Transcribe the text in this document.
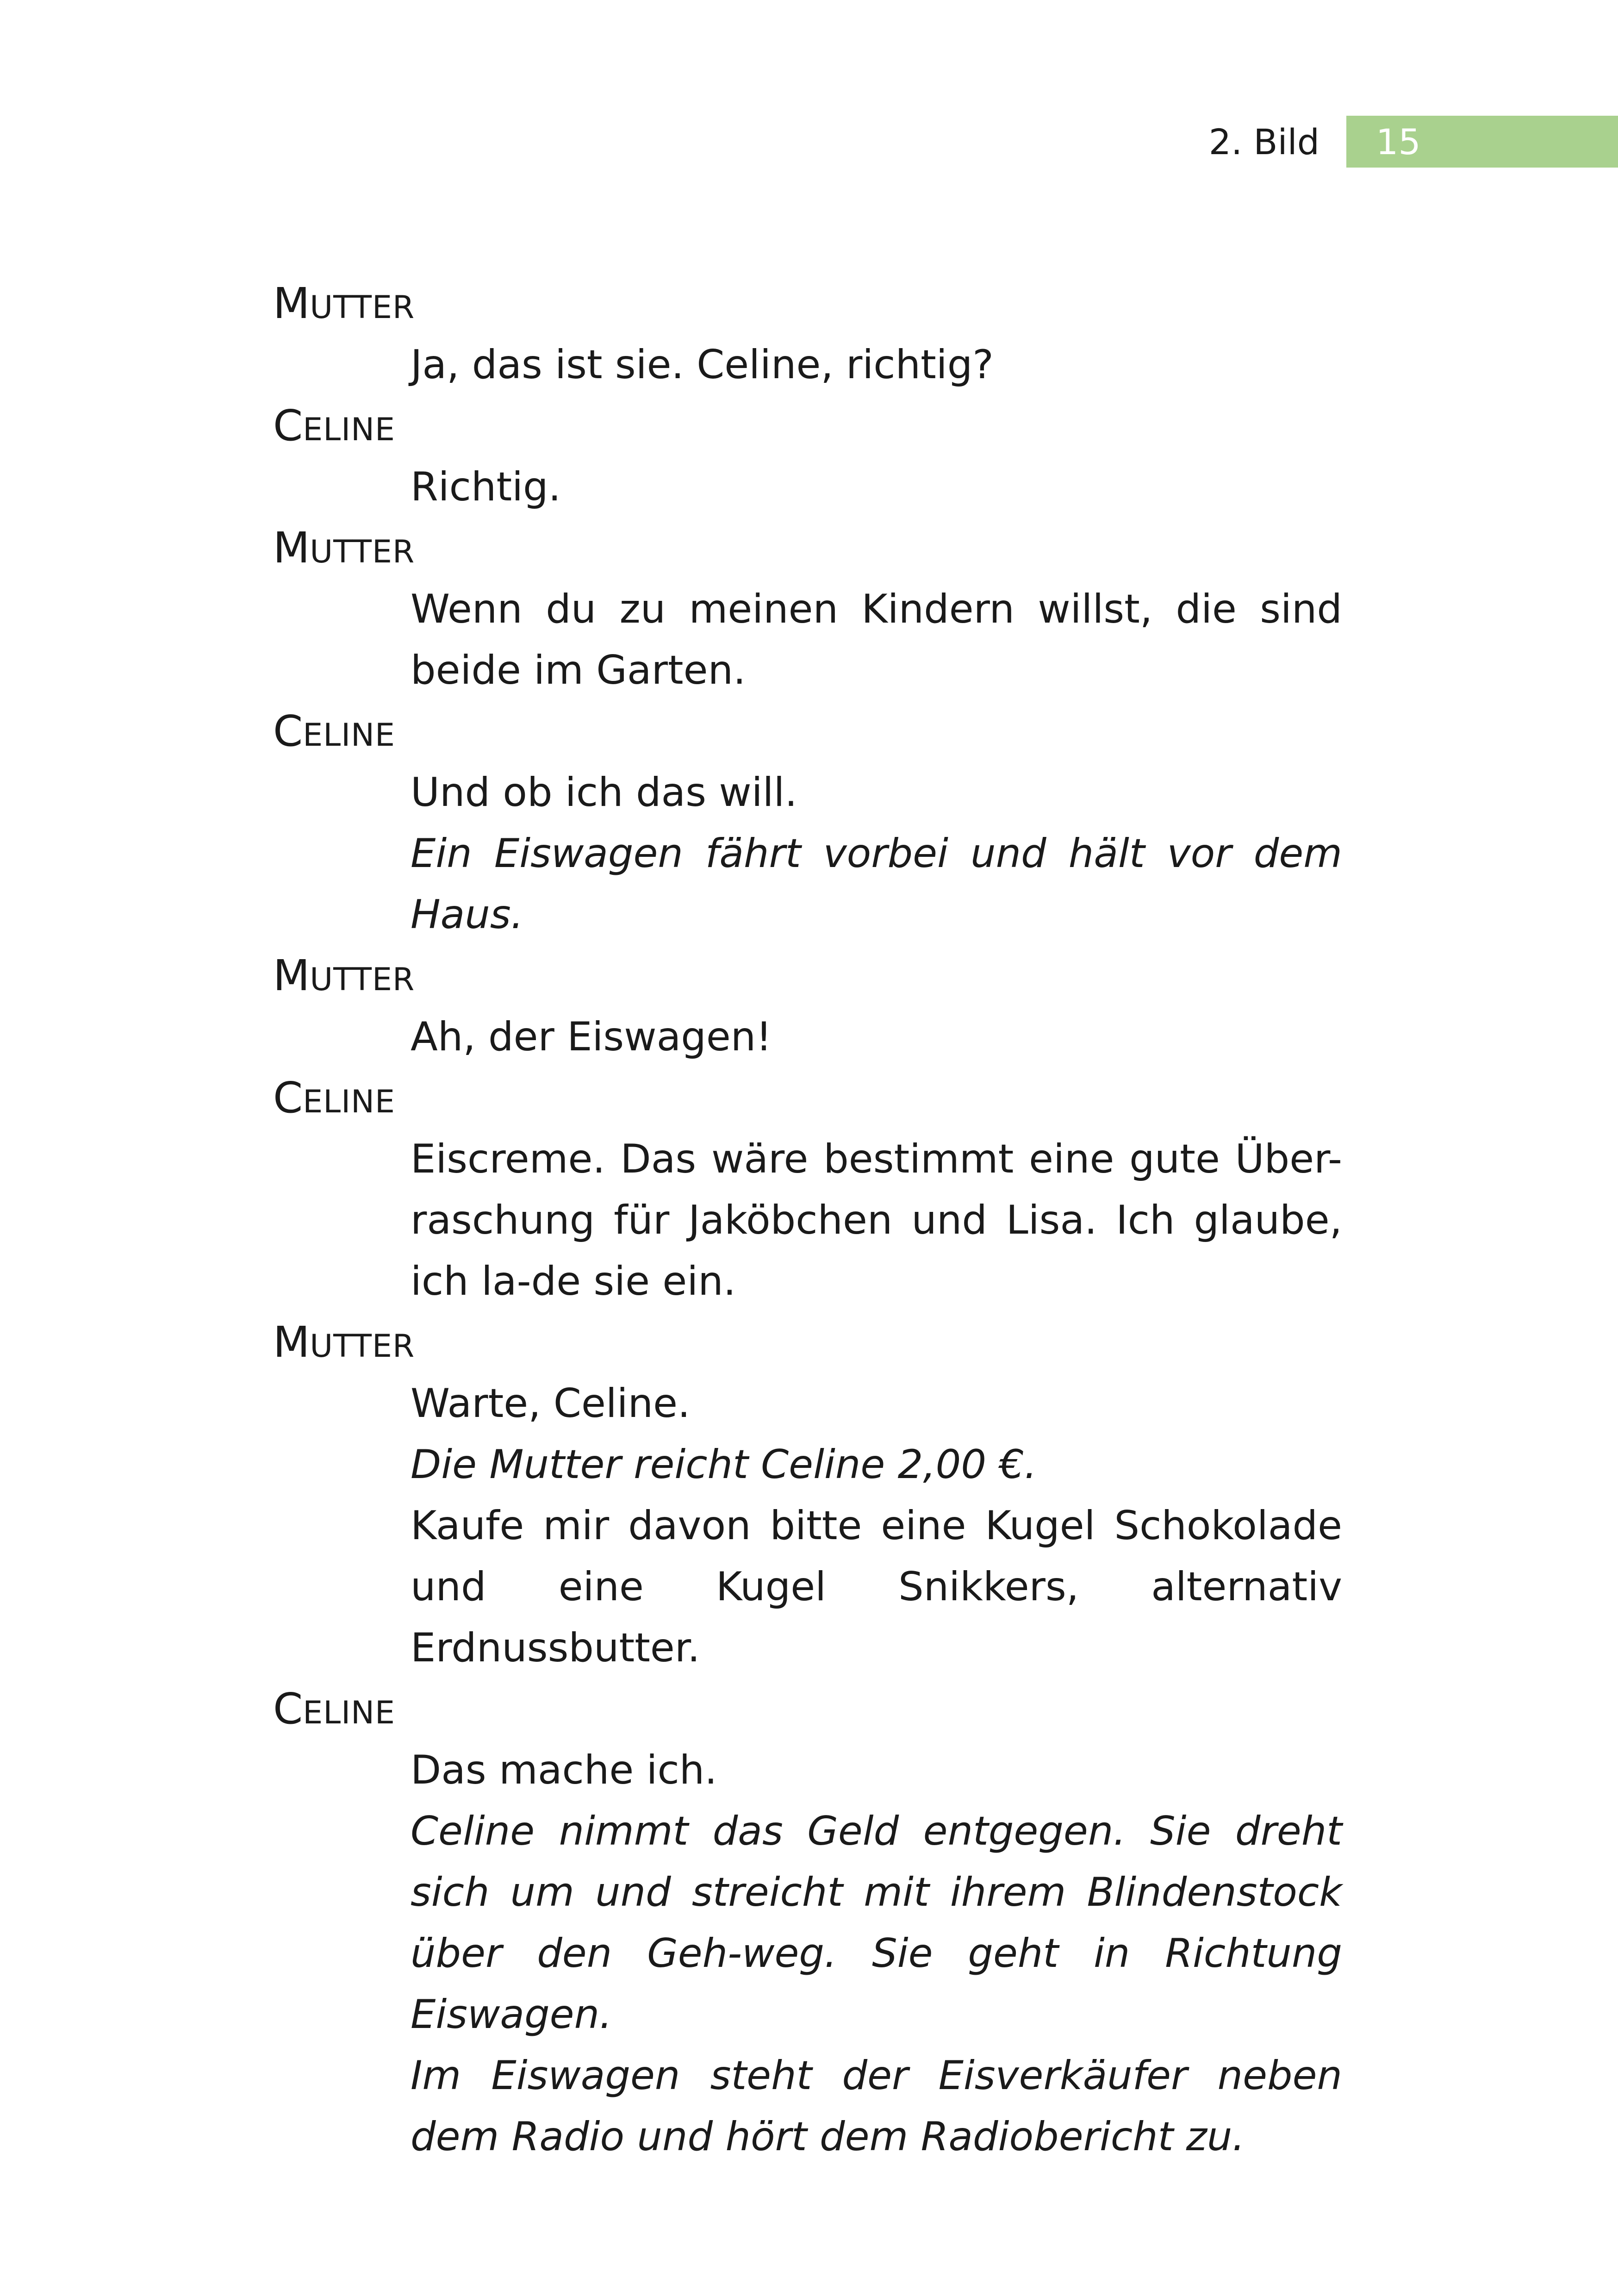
2. Bild 15
MUTTER
Ja, das ist sie. Celine, richtig?
CELINE
Richtig.
MUTTER
Wenn du zu meinen Kindern willst, die sind beide im Garten.
CELINE
Und ob ich das will.
Ein Eiswagen fährt vorbei und hält vor dem Haus.
MUTTER
Ah, der Eiswagen!
CELINE
Eiscreme. Das wäre bestimmt eine gute Über-raschung für Jaköbchen und Lisa. Ich glaube, ich la-de sie ein.
MUTTER
Warte, Celine.
Die Mutter reicht Celine 2,00 €.
Kaufe mir davon bitte eine Kugel Schokolade und eine Kugel Snikkers, alternativ Erdnussbutter.
CELINE
Das mache ich.
Celine nimmt das Geld entgegen. Sie dreht sich um und streicht mit ihrem Blindenstock über den Geh-weg. Sie geht in Richtung Eiswagen.
Im Eiswagen steht der Eisverkäufer neben dem Radio und hört dem Radiobericht zu.
